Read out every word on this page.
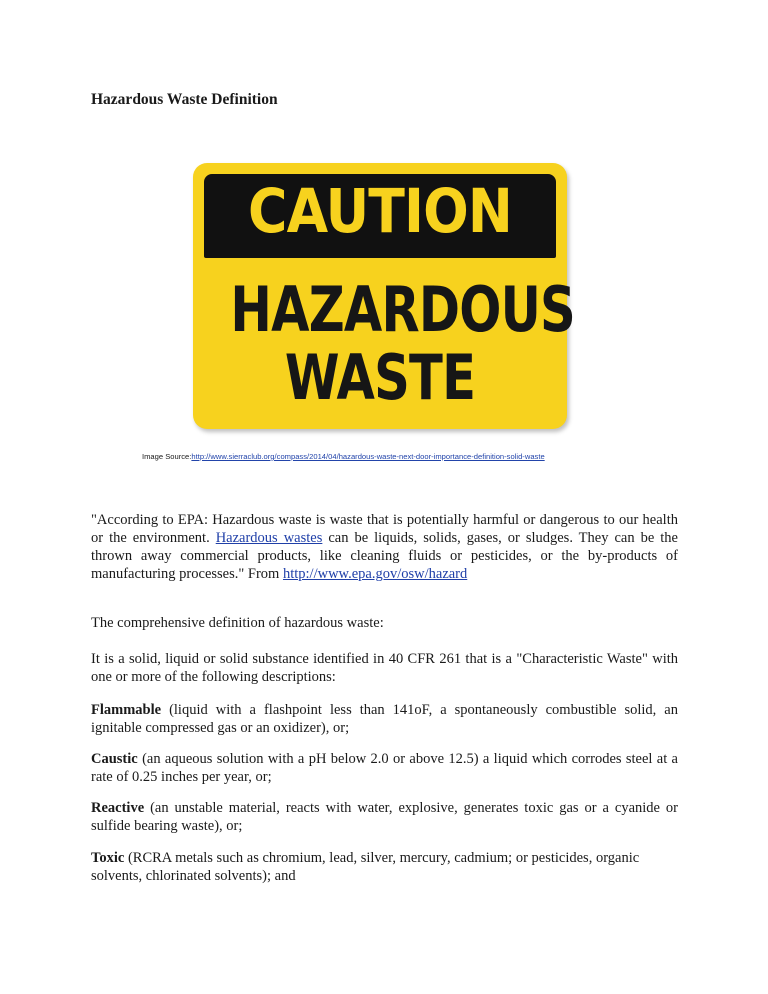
Hazardous Waste Definition
CAUTION
HAZARDOUS
WASTE
Image Source:http://www.sierraclub.org/compass/2014/04/hazardous-waste-next-door-importance-definition-solid-waste

"According to EPA: Hazardous waste is waste that is potentially harmful or dangerous to our health or the environment. Hazardous wastes can be liquids, solids, gases, or sludges. They can be the thrown away commercial products, like cleaning fluids or pesticides, or the by-products of manufacturing processes." From http://www.epa.gov/osw/hazard

The comprehensive definition of hazardous waste:

It is a solid, liquid or solid substance identified in 40 CFR 261 that is a "Characteristic Waste" with one or more of the following descriptions:

Flammable (liquid with a flashpoint less than 141oF, a spontaneously combustible solid, an ignitable compressed gas or an oxidizer), or;

Caustic (an aqueous solution with a pH below 2.0 or above 12.5) a liquid which corrodes steel at a rate of 0.25 inches per year, or;

Reactive (an unstable material, reacts with water, explosive, generates toxic gas or a cyanide or sulfide bearing waste), or;

Toxic (RCRA metals such as chromium, lead, silver, mercury, cadmium; or pesticides, organic solvents, chlorinated solvents); and
